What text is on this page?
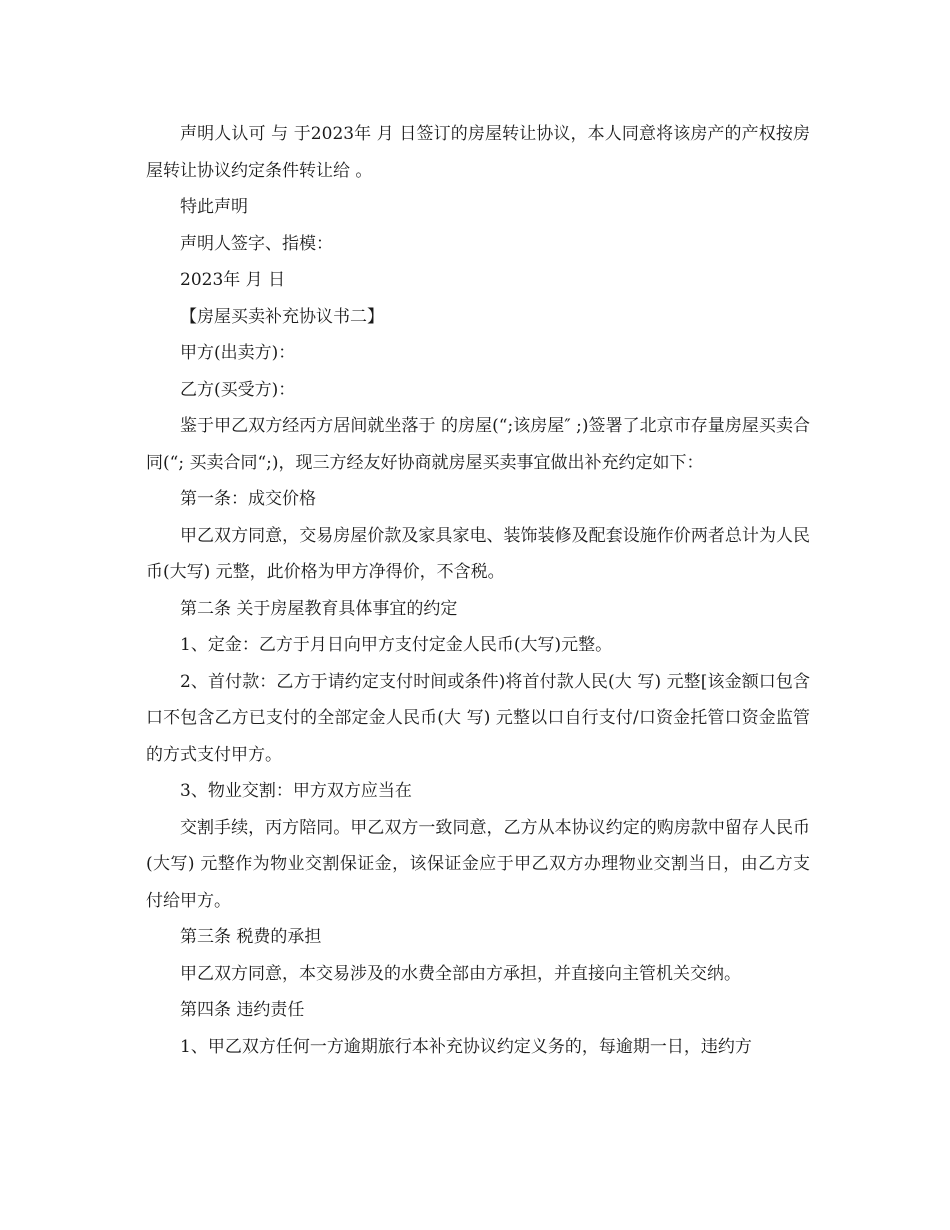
声明人认可 与 于2023年 月 日签订的房屋转让协议，本人同意将该房产的产权按房屋转让协议约定条件转让给 。

特此声明

声明人签字、指模：

2023年 月 日

【房屋买卖补充协议书二】

甲方(出卖方)：

乙方(买受方)：

鉴于甲乙双方经丙方居间就坐落于 的房屋(“;该房屋″ ;)签署了北京市存量房屋买卖合同(“; 买卖合同“;)，现三方经友好协商就房屋买卖事宜做出补充约定如下：

第一条：成交价格

甲乙双方同意，交易房屋价款及家具家电、装饰装修及配套设施作价两者总计为人民币(大写) 元整，此价格为甲方净得价，不含税。

第二条 关于房屋教育具体事宜的约定

1、定金：乙方于月日向甲方支付定金人民币(大写)元整。

2、首付款：乙方于请约定支付时间或条件)将首付款人民(大 写) 元整[该金额口包含口不包含乙方已支付的全部定金人民币(大 写) 元整以口自行支付/口资金托管口资金监管的方式支付甲方。

3、物业交割：甲方双方应当在

交割手续，丙方陪同。甲乙双方一致同意，乙方从本协议约定的购房款中留存人民币(大写) 元整作为物业交割保证金，该保证金应于甲乙双方办理物业交割当日，由乙方支付给甲方。

第三条 税费的承担

甲乙双方同意，本交易涉及的水费全部由方承担，并直接向主管机关交纳。

第四条 违约责任

1、甲乙双方任何一方逾期旅行本补充协议约定义务的，每逾期一日，违约方
